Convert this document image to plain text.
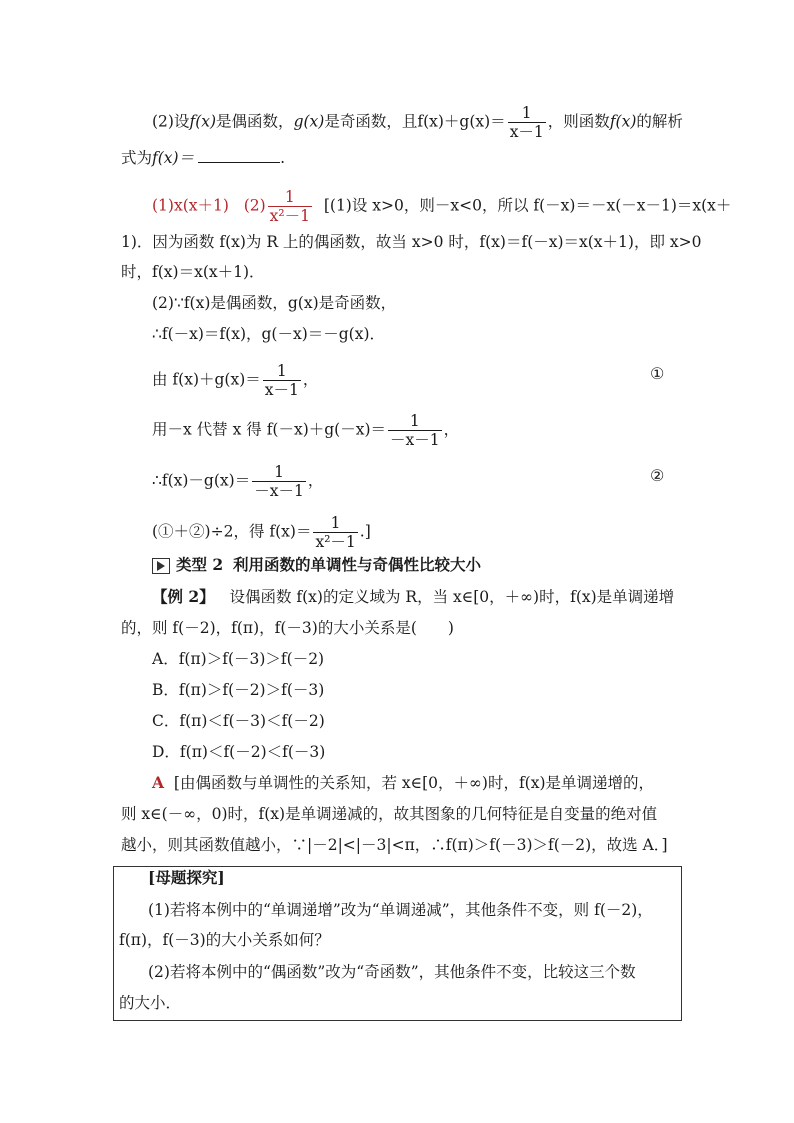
(2)设f(x)是偶函数，g(x)是奇函数，且$f(x)+g(x)= \frac{1}{x-1}$ ，则函数f(x)的解析
式为f(x)＝	.
(1)x(x＋1) $(2) \frac{1}{\text{x²－1}} [(1)$设 x>0，则－x<0，所以 f(－x)＝－x(－x－1)＝x(x＋
1)．因为函数 f(x)为 R 上的偶函数，故当 x>0 时，f(x)＝f(－x)＝x(x＋1)，即 x>0
时，f(x)＝x(x＋1)．
(2)∵f(x)是偶函数，g(x)是奇函数，
∴f(－x)＝f(x)，g(－x)＝－g(x)．
由 $f(x)+g(x)= \frac{1}{x-1}$ ，	①
用－x 代替 x 得 $f(-x)+g(-x)= \frac{1}{-x-1}$ ，
∴f(x)－g(x)＝ $\frac{1}{-x-1}$ ，	②
(①＋②)÷2，得 $f(x)= \frac{1}{\text{x²－1}}$ .]
类型 2 利用函数的单调性与奇偶性比较大小
【例 2】 设偶函数 f(x)的定义域为 R，当 x∈[0，＋∞)时，f(x)是单调递增
的，则 f(－2)，f(π)，f(－3)的大小关系是(　　)
A．f(π)＞f(－3)＞f(－2)
B．f(π)＞f(－2)＞f(－3)
C．f(π)＜f(－3)＜f(－2)
D．f(π)＜f(－2)＜f(－3)
A [由偶函数与单调性的关系知，若 x∈[0，＋∞)时，f(x)是单调递增的，
则 x∈(－∞，0)时，f(x)是单调递减的，故其图象的几何特征是自变量的绝对值
越小，则其函数值越小，∵|－2|<|－3|<π，∴f(π)＞f(－3)＞f(－2)，故选 A．]
[母题探究]
(1)若将本例中的“单调递增”改为“单调递减”，其他条件不变，则 f(－2)，
f(π)，f(－3)的大小关系如何？
(2)若将本例中的“偶函数”改为“奇函数”，其他条件不变，比较这三个数
的大小．
